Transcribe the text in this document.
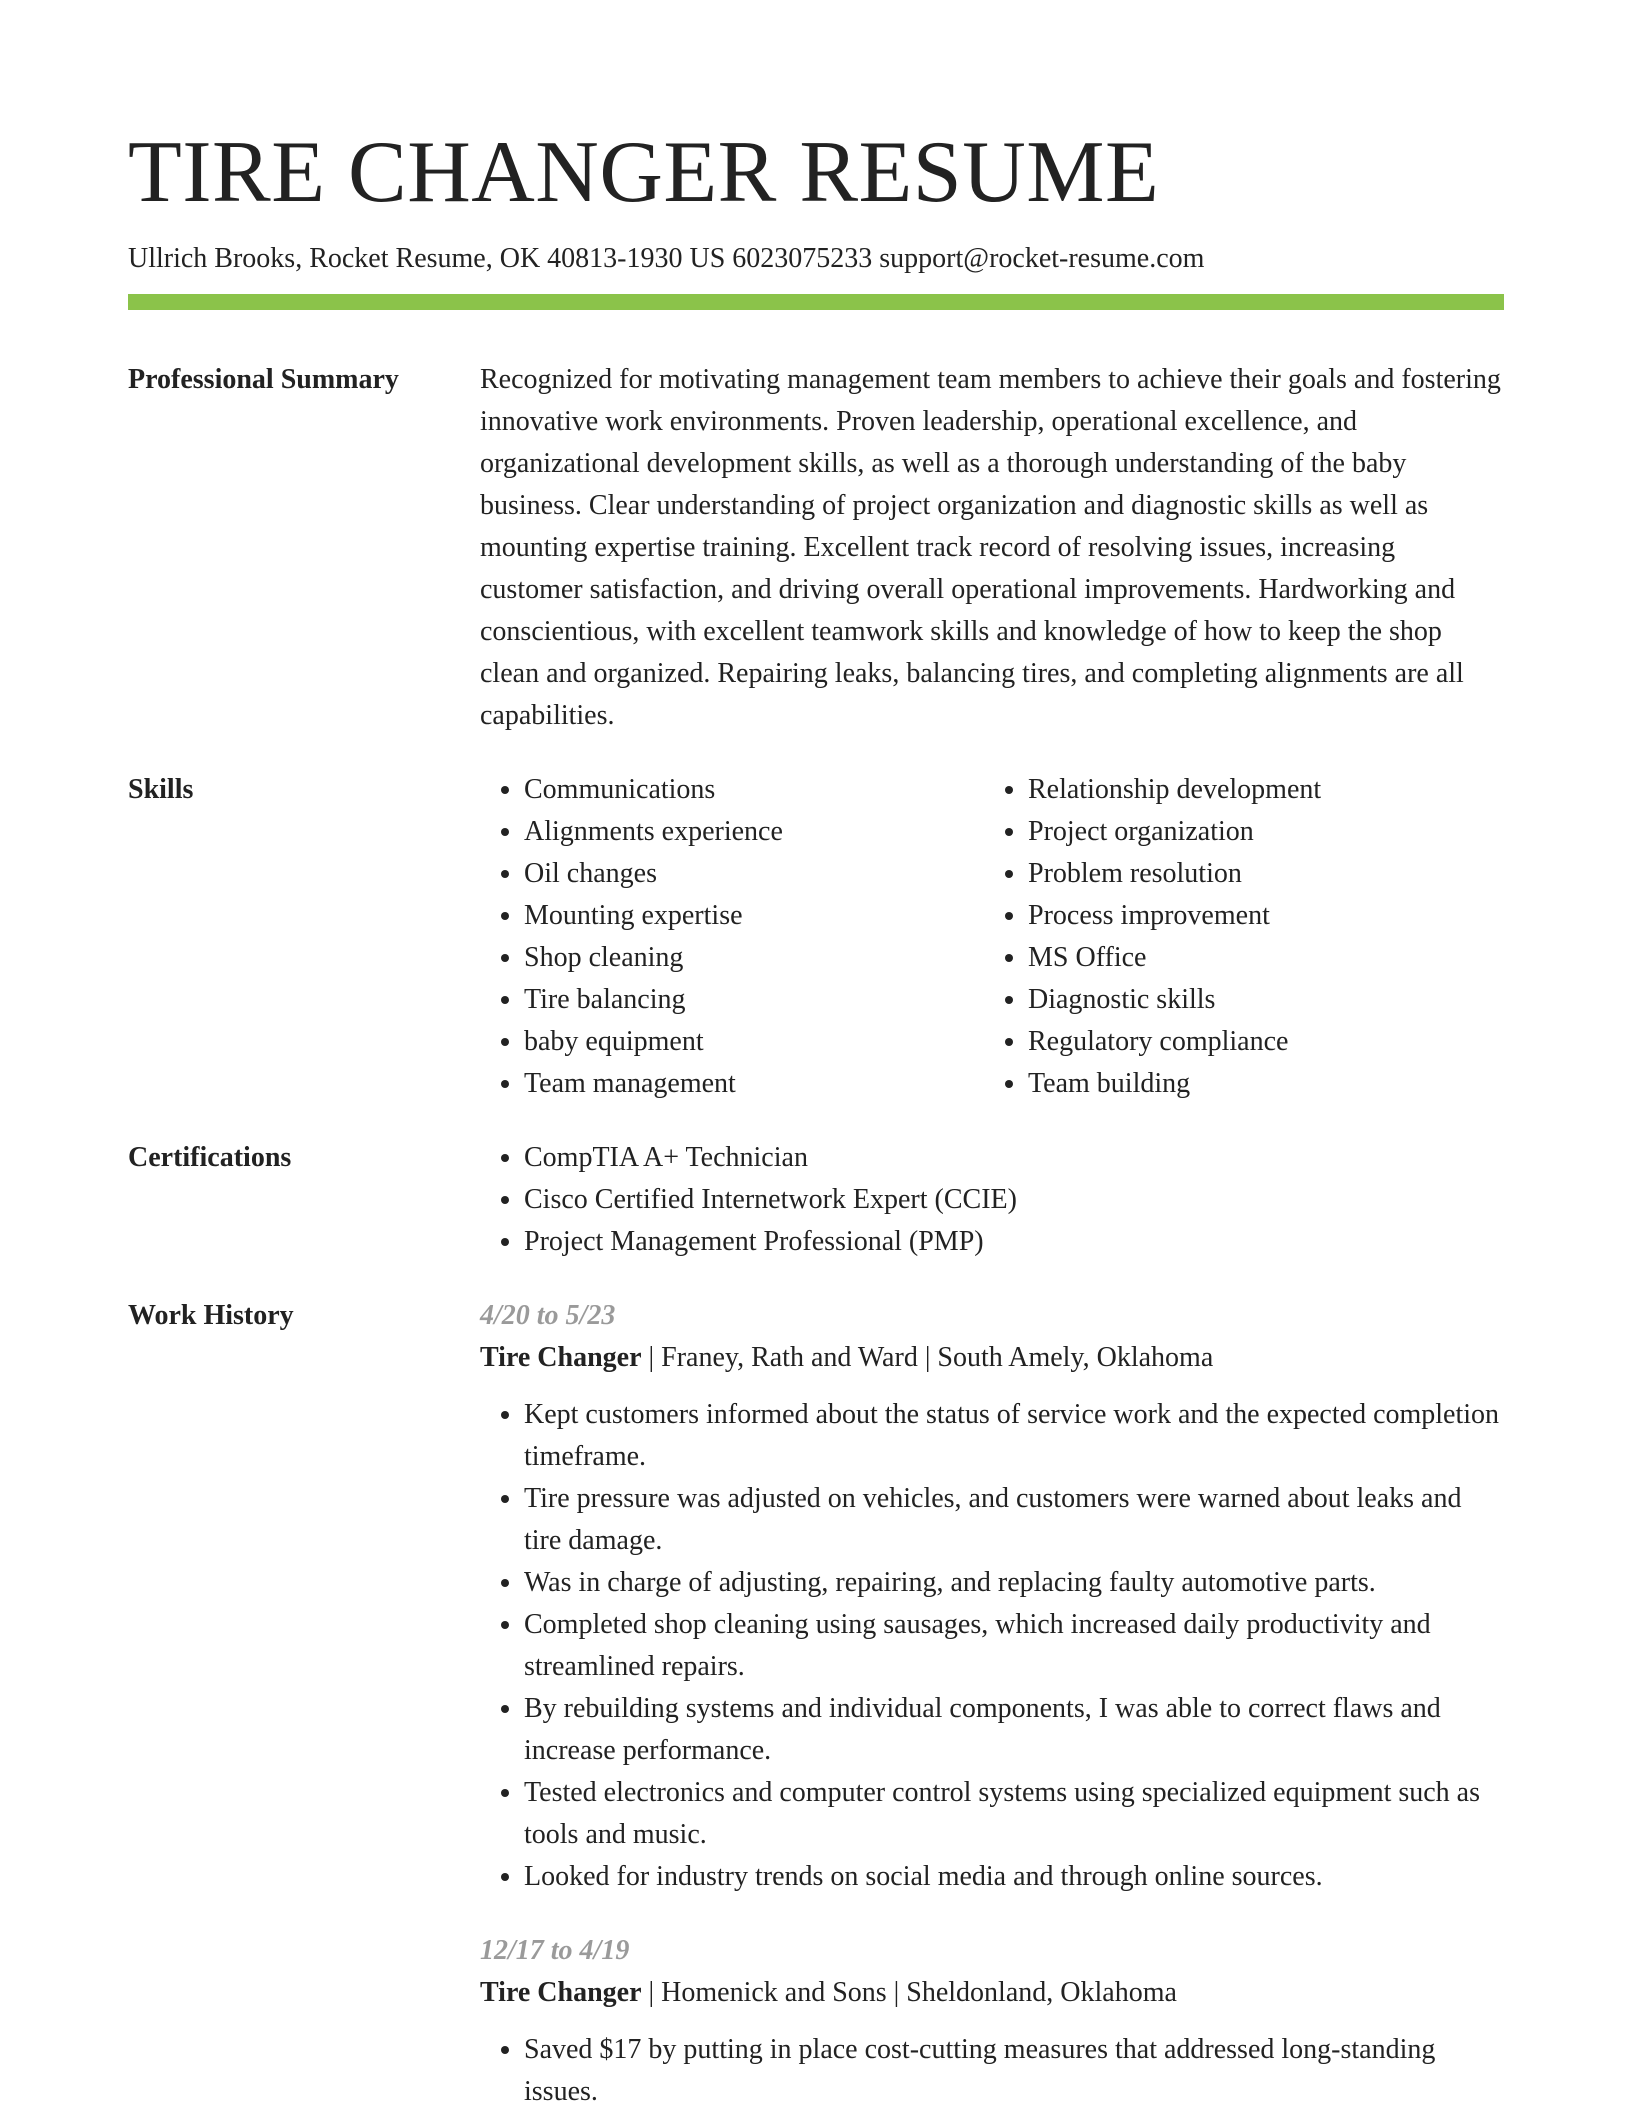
TIRE CHANGER RESUME
Ullrich Brooks, Rocket Resume, OK 40813-1930 US 6023075233 support@rocket-resume.com
Professional Summary	Recognized for motivating management team members to achieve their goals and fostering innovative work environments. Proven leadership, operational excellence, and organizational development skills, as well as a thorough understanding of the baby business. Clear understanding of project organization and diagnostic skills as well as mounting expertise training. Excellent track record of resolving issues, increasing customer satisfaction, and driving overall operational improvements. Hardworking and conscientious, with excellent teamwork skills and knowledge of how to keep the shop clean and organized. Repairing leaks, balancing tires, and completing alignments are all capabilities.
Skills	• Communications
• Alignments experience
• Oil changes
• Mounting expertise
• Shop cleaning
• Tire balancing
• baby equipment
• Team management
• Relationship development
• Project organization
• Problem resolution
• Process improvement
• MS Office
• Diagnostic skills
• Regulatory compliance
• Team building
Certifications	• CompTIA A+ Technician
• Cisco Certified Internetwork Expert (CCIE)
• Project Management Professional (PMP)
Work History	4/20 to 5/23
Tire Changer | Franey, Rath and Ward | South Amely, Oklahoma
• Kept customers informed about the status of service work and the expected completion timeframe.
• Tire pressure was adjusted on vehicles, and customers were warned about leaks and tire damage.
• Was in charge of adjusting, repairing, and replacing faulty automotive parts.
• Completed shop cleaning using sausages, which increased daily productivity and streamlined repairs.
• By rebuilding systems and individual components, I was able to correct flaws and increase performance.
• Tested electronics and computer control systems using specialized equipment such as tools and music.
• Looked for industry trends on social media and through online sources.
12/17 to 4/19
Tire Changer | Homenick and Sons | Sheldonland, Oklahoma
• Saved $17 by putting in place cost-cutting measures that addressed long-standing issues.
